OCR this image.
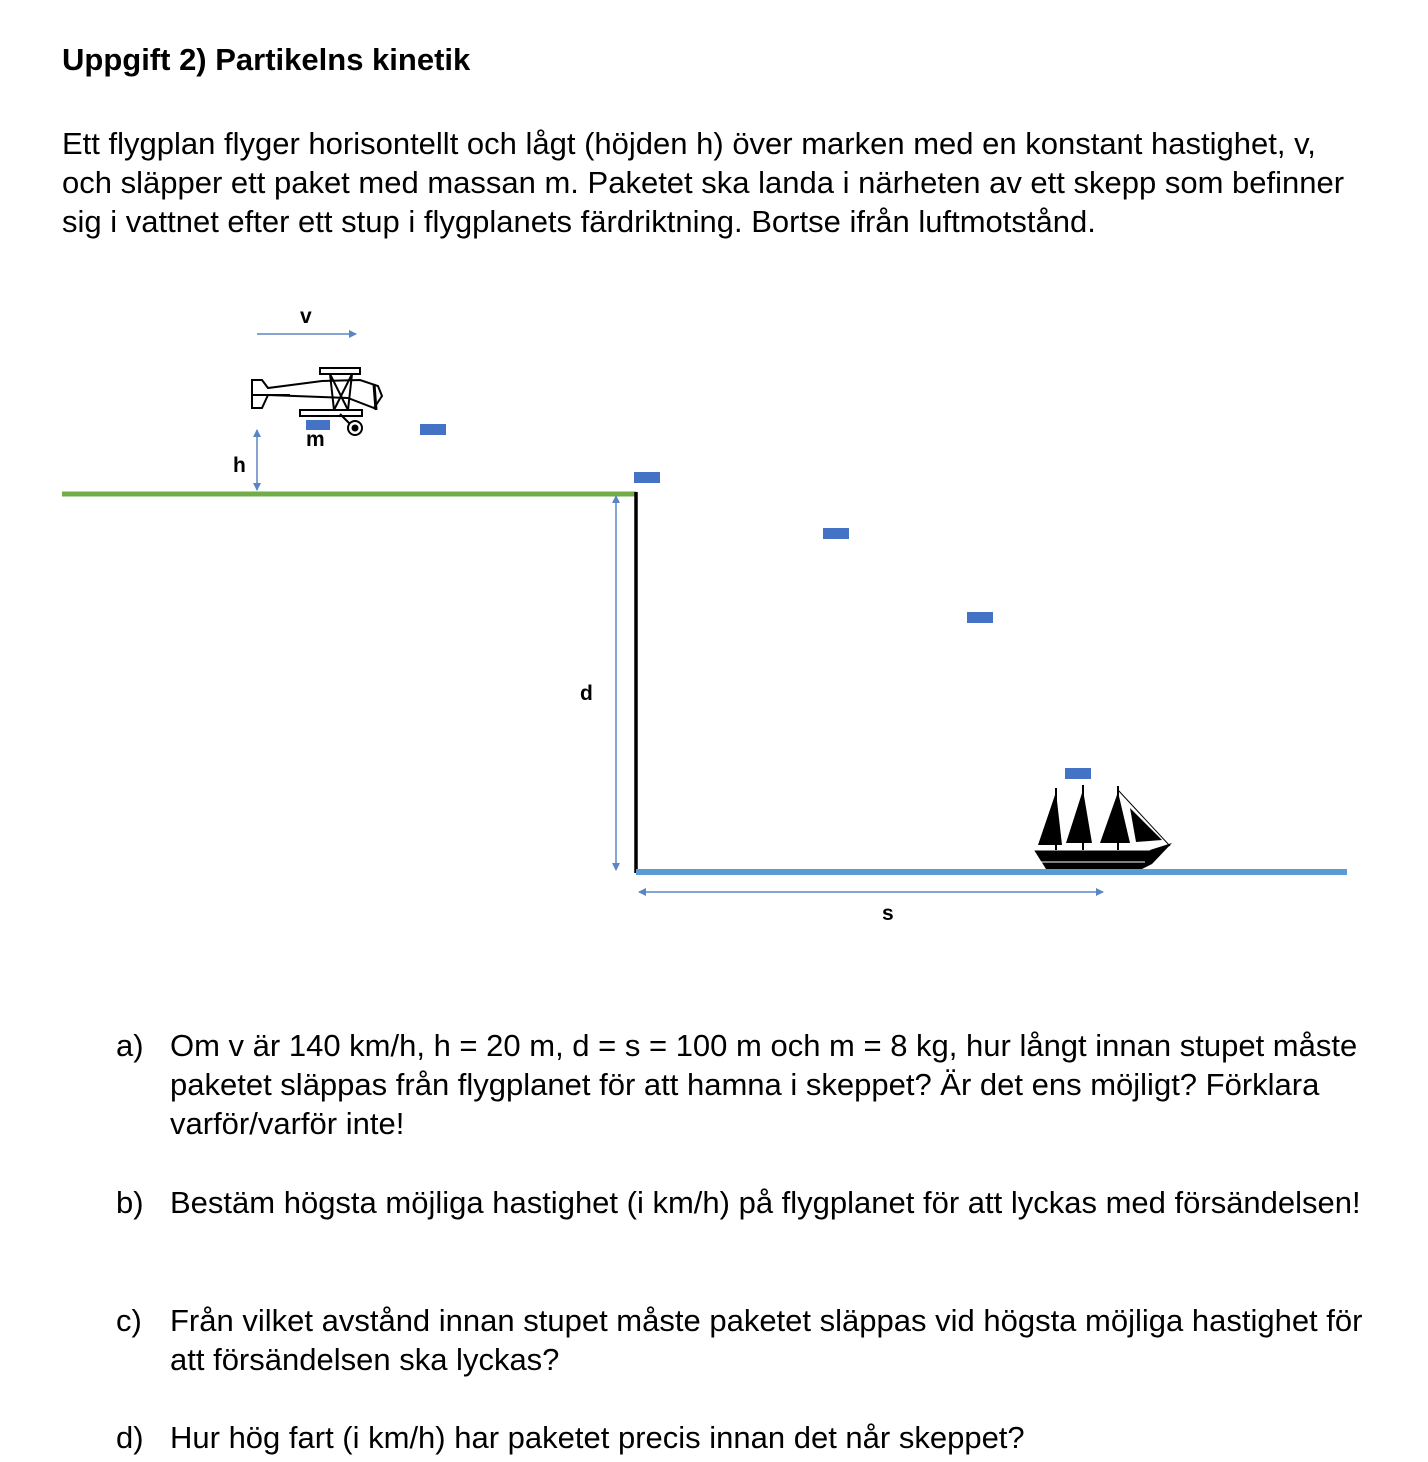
Uppgift 2) Partikelns kinetik

Ett flygplan flyger horisontellt och lågt (höjden h) över marken med en konstant hastighet, v, och släpper ett paket med massan m. Paketet ska landa i närheten av ett skepp som befinner sig i vattnet efter ett stup i flygplanets färdriktning. Bortse ifrån luftmotstånd.

v
h
d
s
m
a) Om v är 140 km/h, h = 20 m, d = s = 100 m och m = 8 kg, hur långt innan stupet måste paketet släppas från flygplanet för att hamna i skeppet? Är det ens möjligt? Förklara varför/varför inte!
b) Bestäm högsta möjliga hastighet (i km/h) på flygplanet för att lyckas med försändelsen!
c) Från vilket avstånd innan stupet måste paketet släppas vid högsta möjliga hastighet för att försändelsen ska lyckas?
d) Hur hög fart (i km/h) har paketet precis innan det når skeppet?
